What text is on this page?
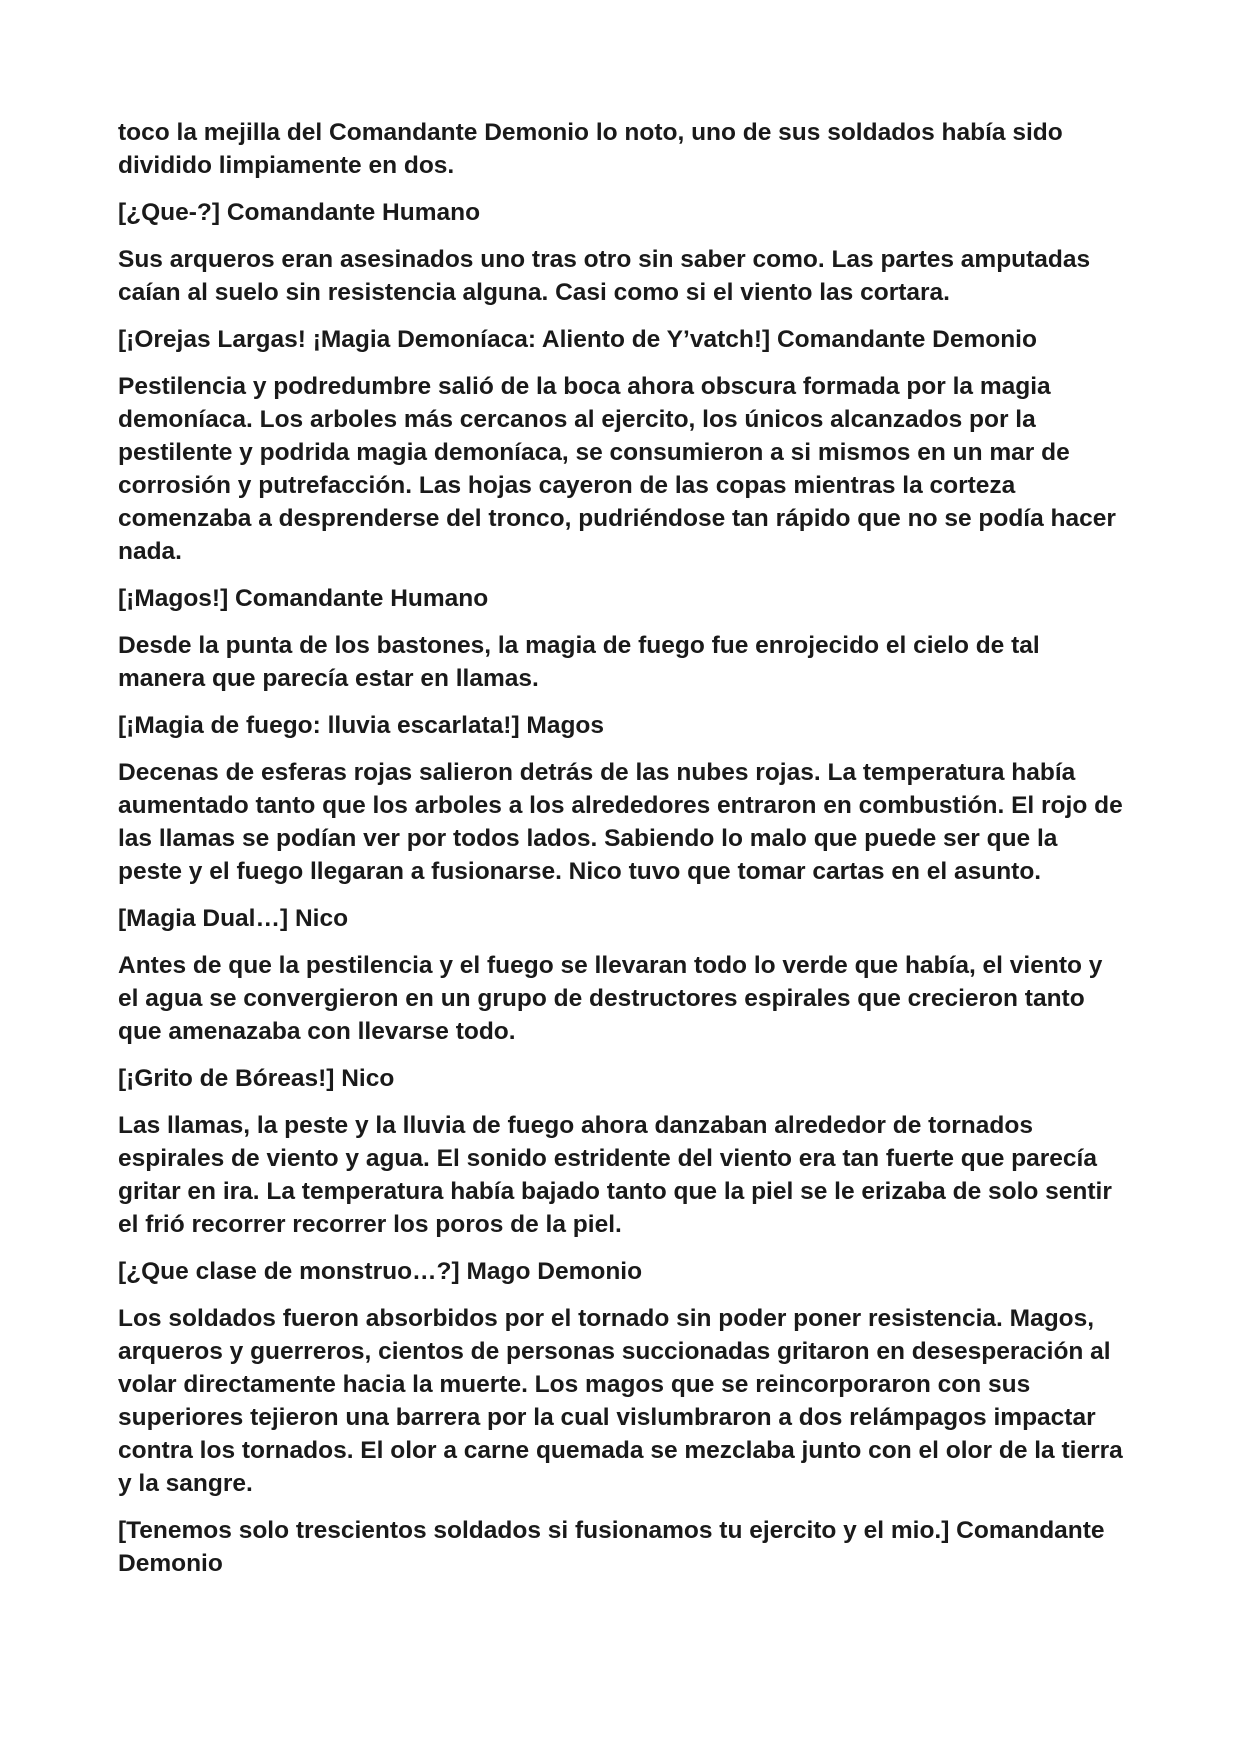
toco la mejilla del Comandante Demonio lo noto, uno de sus soldados había sido dividido limpiamente en dos.

[¿Que-?] Comandante Humano

Sus arqueros eran asesinados uno tras otro sin saber como. Las partes amputadas caían al suelo sin resistencia alguna. Casi como si el viento las cortara.

[¡Orejas Largas! ¡Magia Demoníaca: Aliento de Y’vatch!] Comandante Demonio

Pestilencia y podredumbre salió de la boca ahora obscura formada por la magia demoníaca. Los arboles más cercanos al ejercito, los únicos alcanzados por la pestilente y podrida magia demoníaca, se consumieron a si mismos en un mar de corrosión y putrefacción. Las hojas cayeron de las copas mientras la corteza comenzaba a desprenderse del tronco, pudriéndose tan rápido que no se podía hacer nada.

[¡Magos!] Comandante Humano

Desde la punta de los bastones, la magia de fuego fue enrojecido el cielo de tal manera que parecía estar en llamas.

[¡Magia de fuego: lluvia escarlata!] Magos

Decenas de esferas rojas salieron detrás de las nubes rojas. La temperatura había aumentado tanto que los arboles a los alrededores entraron en combustión. El rojo de las llamas se podían ver por todos lados. Sabiendo lo malo que puede ser que la peste y el fuego llegaran a fusionarse. Nico tuvo que tomar cartas en el asunto.

[Magia Dual…] Nico

Antes de que la pestilencia y el fuego se llevaran todo lo verde que había, el viento y el agua se convergieron en un grupo de destructores espirales que crecieron tanto que amenazaba con llevarse todo.

[¡Grito de Bóreas!] Nico

Las llamas, la peste y la lluvia de fuego ahora danzaban alrededor de tornados espirales de viento y agua. El sonido estridente del viento era tan fuerte que parecía gritar en ira. La temperatura había bajado tanto que la piel se le erizaba de solo sentir el frió recorrer recorrer los poros de la piel.

[¿Que clase de monstruo…?] Mago Demonio

Los soldados fueron absorbidos por el tornado sin poder poner resistencia. Magos, arqueros y guerreros, cientos de personas succionadas gritaron en desesperación al volar directamente hacia la muerte. Los magos que se reincorporaron con sus superiores tejieron una barrera por la cual vislumbraron a dos relámpagos impactar contra los tornados. El olor a carne quemada se mezclaba junto con el olor de la tierra y la sangre.

[Tenemos solo trescientos soldados si fusionamos tu ejercito y el mio.] Comandante Demonio
